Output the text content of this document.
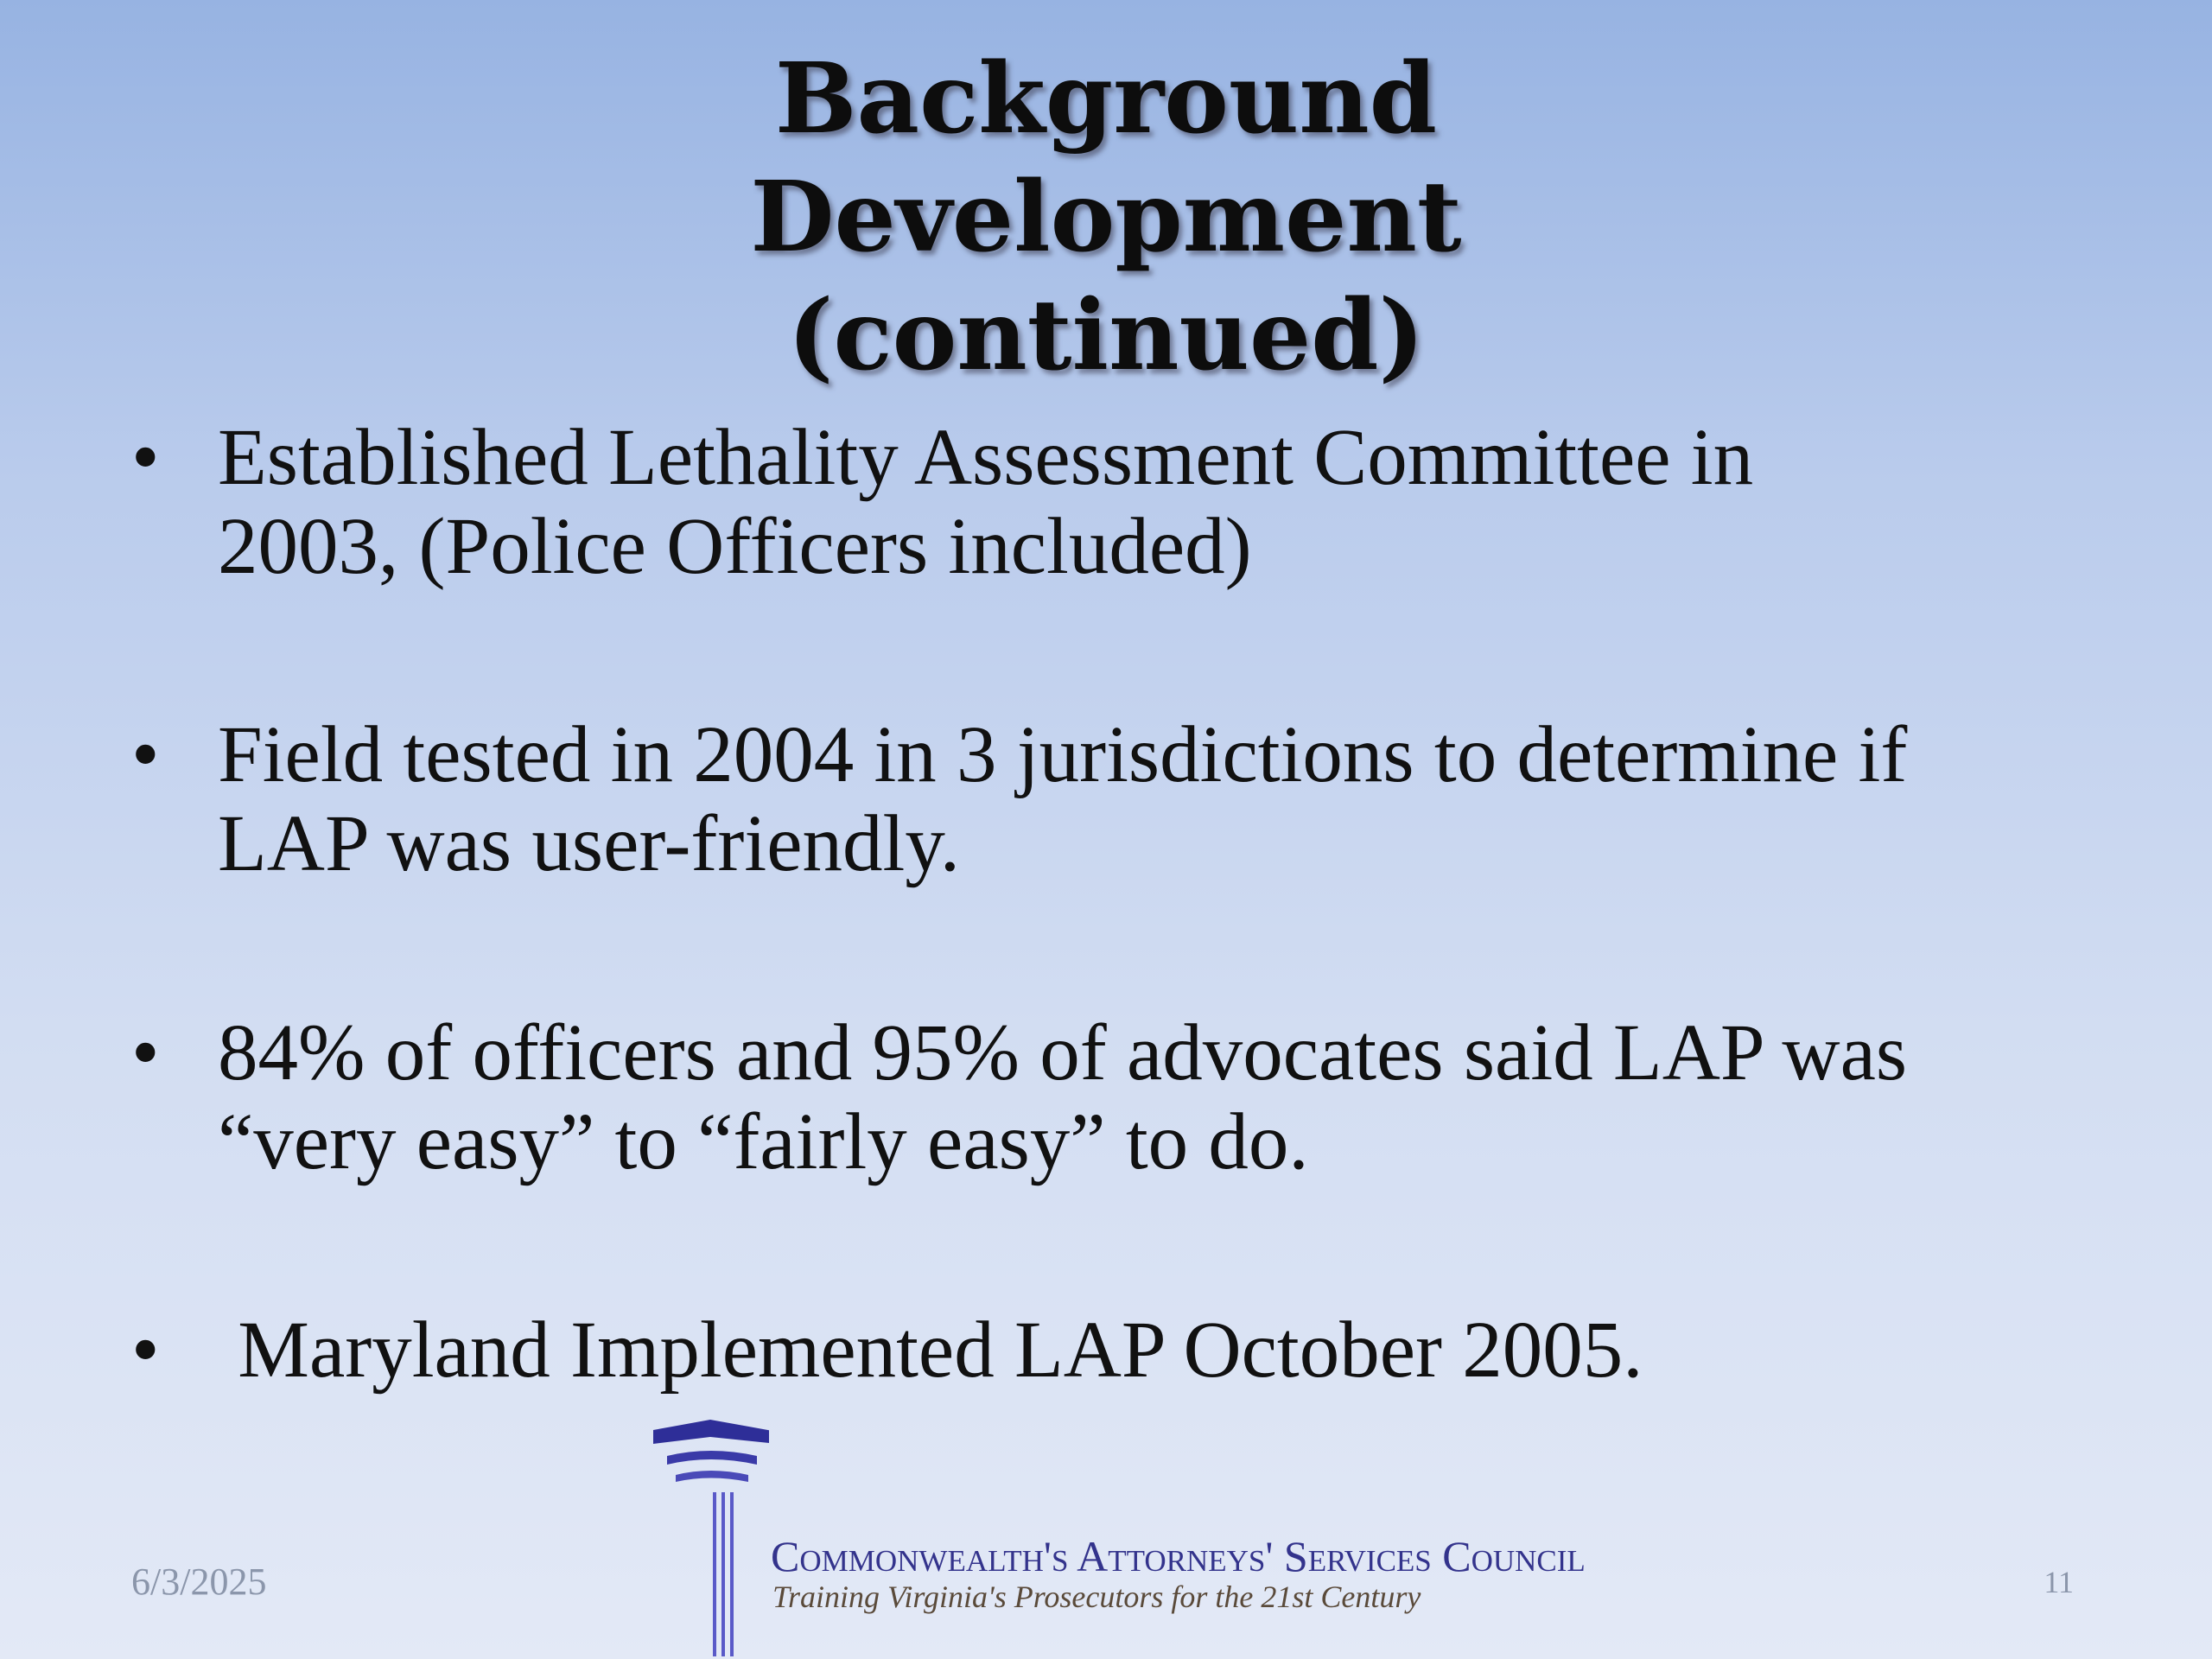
Background
Development
(continued)
• Established Lethality Assessment Committee in
2003, (Police Officers included)
• Field tested in 2004 in 3 jurisdictions to determine if
LAP was user-friendly.
• 84% of officers and 95% of advocates said LAP was
“very easy” to “fairly easy” to do.
• Maryland Implemented LAP October 2005.
6/3/2025	11
Commonwealth's Attorneys' Services Council
Training Virginia's Prosecutors for the 21st Century
